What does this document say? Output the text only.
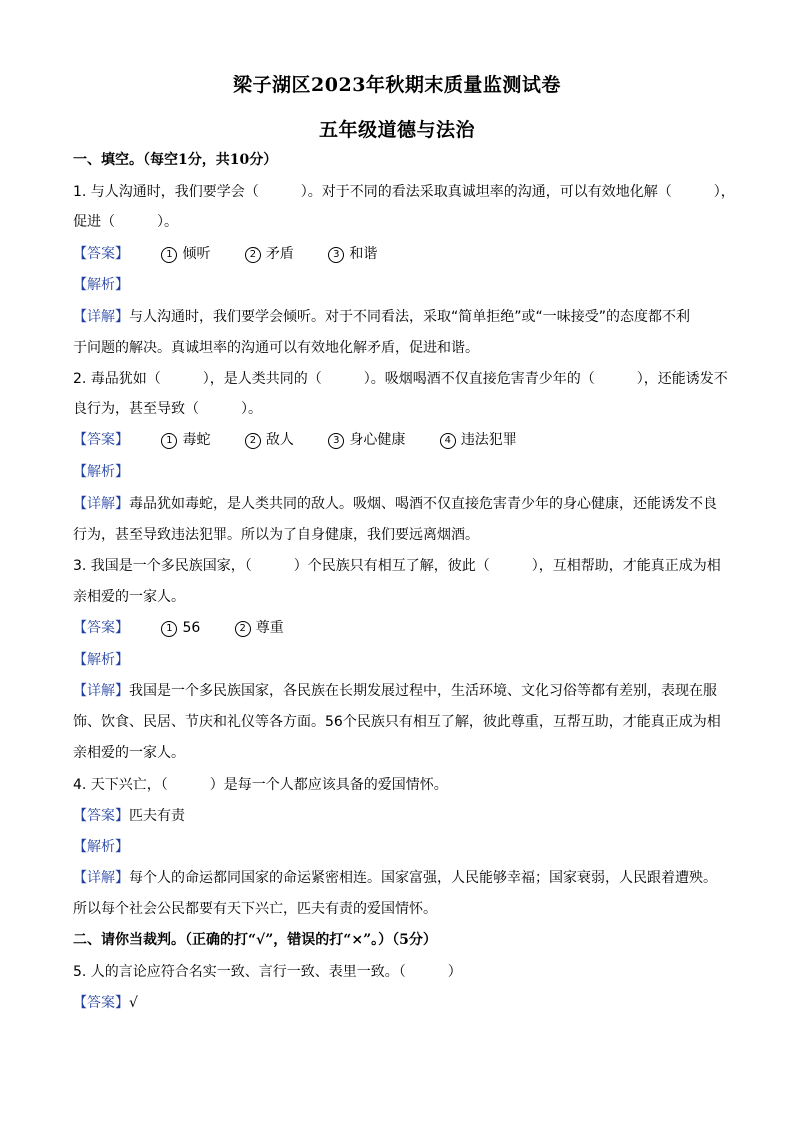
梁子湖区2023年秋期末质量监测试卷
五年级道德与法治
一、填空。（每空1分，共10分）
1. 与人沟通时，我们要学会（　　　）。对于不同的看法采取真诚坦率的沟通，可以有效地化解（　　　），
促进（　　　）。
【答案】	1 倾听	2 矛盾	3 和谐
【解析】
【详解】与人沟通时，我们要学会倾听。对于不同看法，采取“简单拒绝”或“一味接受”的态度都不利
于问题的解决。真诚坦率的沟通可以有效地化解矛盾，促进和谐。
2. 毒品犹如（　　　），是人类共同的（　　　）。吸烟喝酒不仅直接危害青少年的（　　　），还能诱发不
良行为，甚至导致（　　　）。
【答案】	1 毒蛇	2 敌人	3 身心健康	4 违法犯罪
【解析】
【详解】毒品犹如毒蛇，是人类共同的敌人。吸烟、喝酒不仅直接危害青少年的身心健康，还能诱发不良
行为，甚至导致违法犯罪。所以为了自身健康，我们要远离烟酒。
3. 我国是一个多民族国家，（　　　）个民族只有相互了解，彼此（　　　），互相帮助，才能真正成为相
亲相爱的一家人。
【答案】	1 56	2 尊重
【解析】
【详解】我国是一个多民族国家，各民族在长期发展过程中，生活环境、文化习俗等都有差别，表现在服
饰、饮食、民居、节庆和礼仪等各方面。56个民族只有相互了解，彼此尊重，互帮互助，才能真正成为相
亲相爱的一家人。
4. 天下兴亡，（　　　）是每一个人都应该具备的爱国情怀。
【答案】匹夫有责
【解析】
【详解】每个人的命运都同国家的命运紧密相连。国家富强，人民能够幸福；国家衰弱，人民跟着遭殃。
所以每个社会公民都要有天下兴亡，匹夫有责的爱国情怀。
二、请你当裁判。（正确的打“√”，错误的打“×”。）（5分）
5. 人的言论应符合名实一致、言行一致、表里一致。（　　　）
【答案】√
